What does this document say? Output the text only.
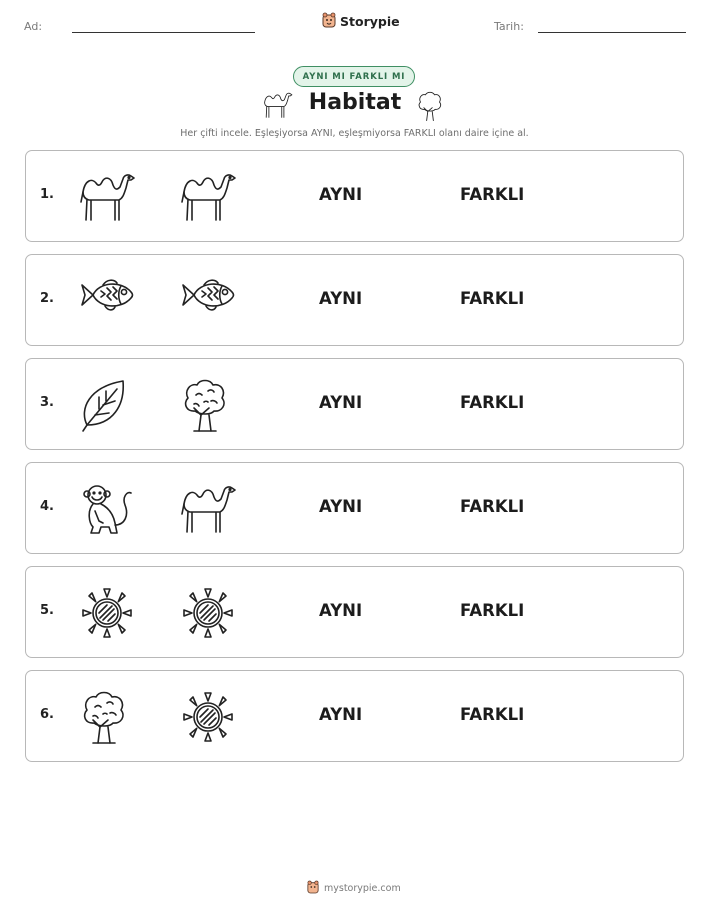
Ad:	Storypie	Tarih:
AYNI MI FARKLI MI
Habitat
Her çifti incele. Eşleşiyorsa AYNI, eşleşmiyorsa FARKLI olanı daire içine al.
1.	AYNI	FARKLI
2.	AYNI	FARKLI
3.	AYNI	FARKLI
4.	AYNI	FARKLI
5.	AYNI	FARKLI
6.	AYNI	FARKLI
mystorypie.com
